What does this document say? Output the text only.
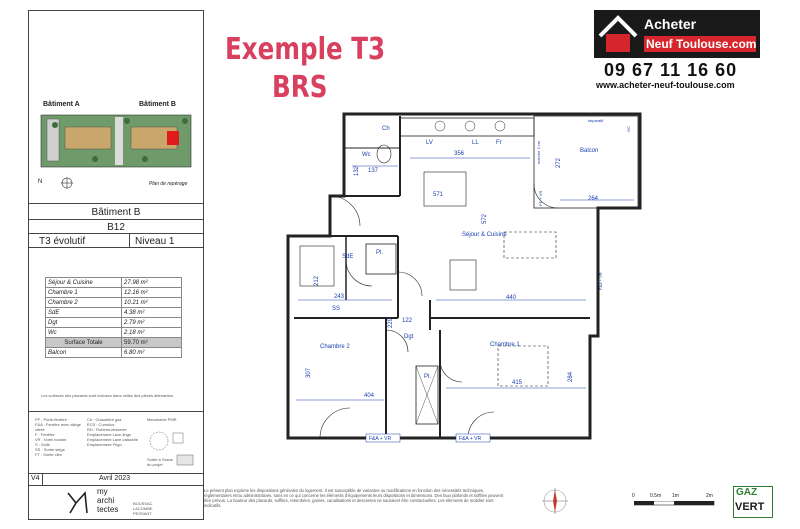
Bâtiment A	Bâtiment B
N	Plan de repérage
Bâtiment B
B12
T3 évolutif	Niveau 1
Séjour & Cuisine	27.98 m²
Chambre 1	12.16 m²
Chambre 2	10.21 m²
SdE	4.38 m²
Dgt	2.79 m²
Wc	2.18 m²
Surface Totale	59.70 m²
Balcon	6.80 m²
Les surfaces des placards sont incluses dans celles des pièces attenantes.
PF : Porte-fenêtre
F&A : Fenêtre avec allège vitrée
F : Fenêtre
VR : Volet roulant
S : Solle
SS : Sortie siège
FT : Sortie clim
Ch : Chaudière gaz
ECS : Cumulus
RD : Robinet-desserte
Emplacement Lave-linge
Emplacement Lave-vaisselle
Emplacement Frigo
Menuiserie PMR
Sortie à l'issue du projet
V4	Avril 2023
my
archi
tectes
BOUSSAC LACOMBE PESSANT
Exemple T3
BRS
Acheter
Neuf Toulouse.com
09 67 11 16 60
www.acheter-neuf-toulouse.com
356
571
572
132 137
272
264
440
243
212
229 122
307
404
415
284
Séjour & Cuisine
Balcon
Wc
SdE
Chambre 2	Chambre 1
Dgt
Ch
Pl.
Pl.
LV	LL	Fr
SS
séparatif
GC
marche 3 cm
PF + VR
F&A + VR
F&A + VR	F&A + VR
Le présent plan exprime les dispositions générales du logement. Il est susceptible de variantes ou modifications en fonction des nécessités techniques, réglementaires et/ou administratives, sans en ce qui concerne les éléments d'équipements leurs dispositions et dimensions. Des faux plafonds et soffites peuvent être prévus. La hauteur des placards, soffites, retombées, gaines, canalisations et descentes ne sauraient être contractuelles. Les éléments de mobilier sont indicatifs.
0	0.5m 1m	2m GAZ
VERT
